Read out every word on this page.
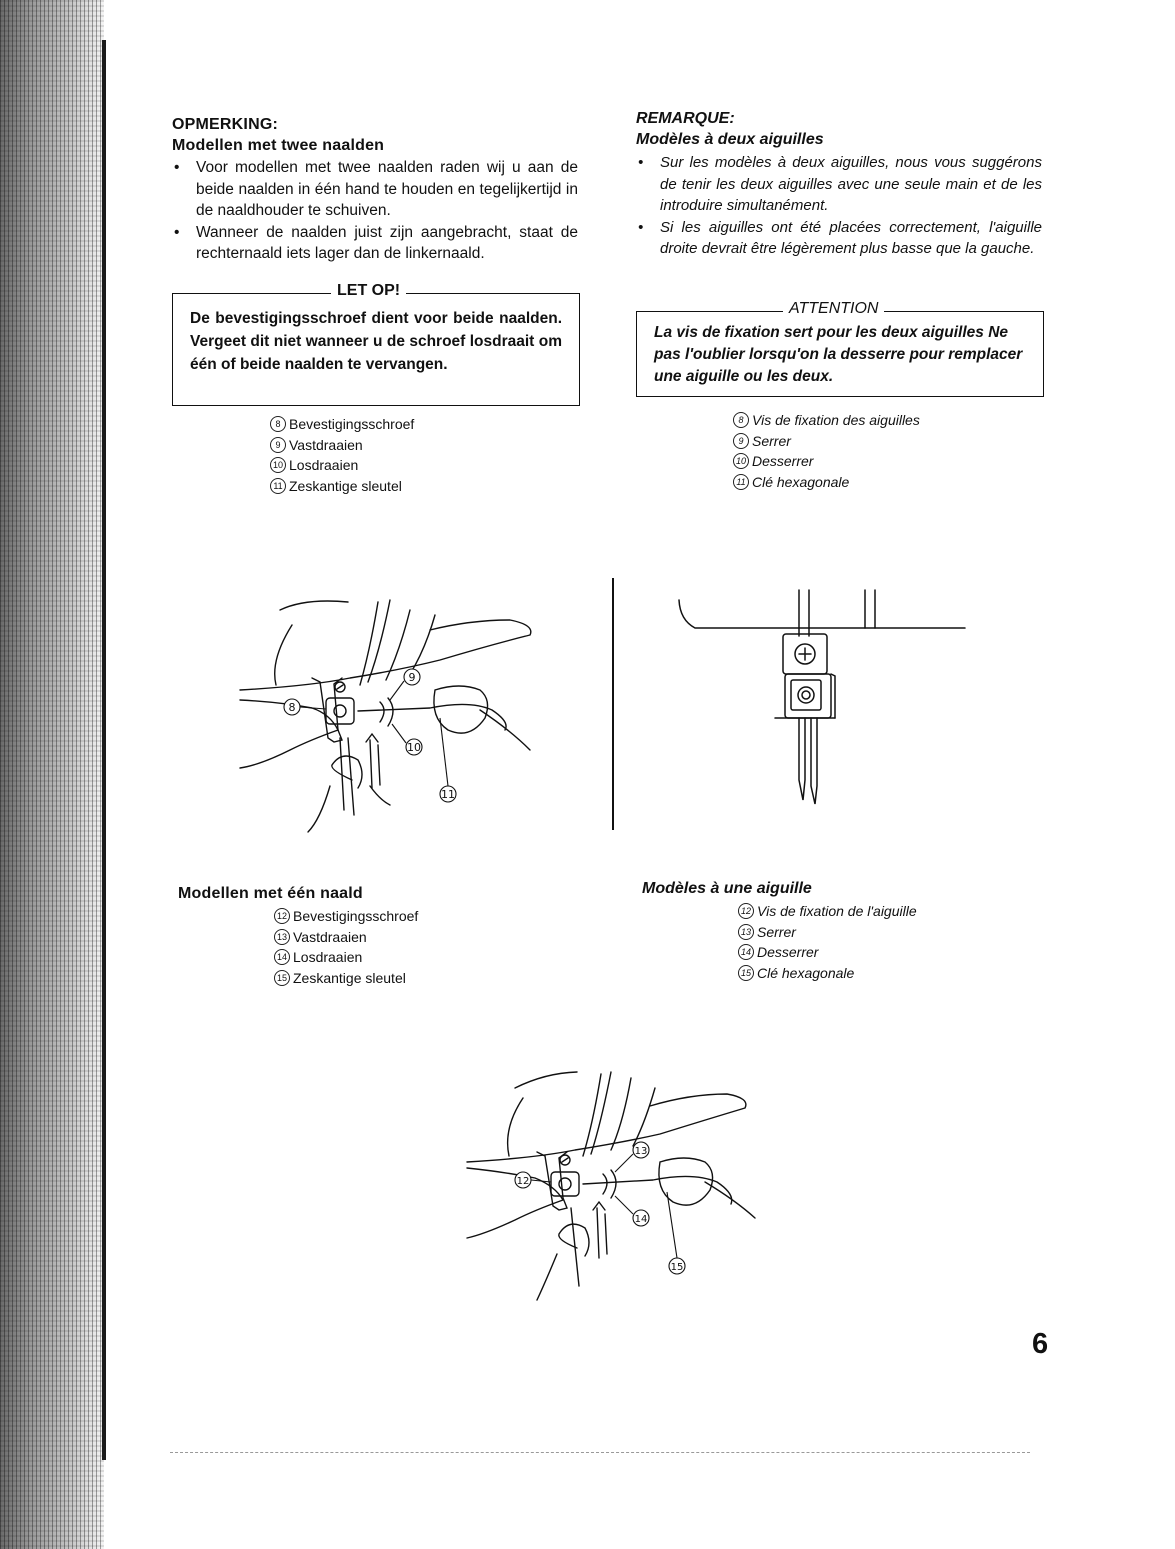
OPMERKING:
Modellen met twee naalden
• Voor modellen met twee naalden raden wij u aan de beide naalden in één hand te houden en tegelijkertijd in de naaldhouder te schuiven.
• Wanneer de naalden juist zijn aangebracht, staat de rechternaald iets lager dan de linkernaald.
LET OP!
De bevestigingsschroef dient voor beide naalden. Vergeet dit niet wanneer u de schroef losdraait om één of beide naalden te vervangen.
8 Bevestigingsschroef
9 Vastdraaien
10 Losdraaien
11 Zeskantige sleutel
Modellen met één naald
12 Bevestigingsschroef
13 Vastdraaien
14 Losdraaien
15 Zeskantige sleutel
REMARQUE:
Modèles à deux aiguilles
• Sur les modèles à deux aiguilles, nous vous suggérons de tenir les deux aiguilles avec une seule main et de les introduire simultanément.
• Si les aiguilles ont été placées correctement, l'aiguille droite devrait être légèrement plus basse que la gauche.
ATTENTION
La vis de fixation sert pour les deux aiguilles Ne pas l'oublier lorsqu'on la desserre pour remplacer une aiguille ou les deux.
8 Vis de fixation des aiguilles
9 Serrer
10 Desserrer
11 Clé hexagonale
Modèles à une aiguille
12 Vis de fixation de l'aiguille
13 Serrer
14 Desserrer
15 Clé hexagonale
8
9
10
11
12
13
14
15
6
